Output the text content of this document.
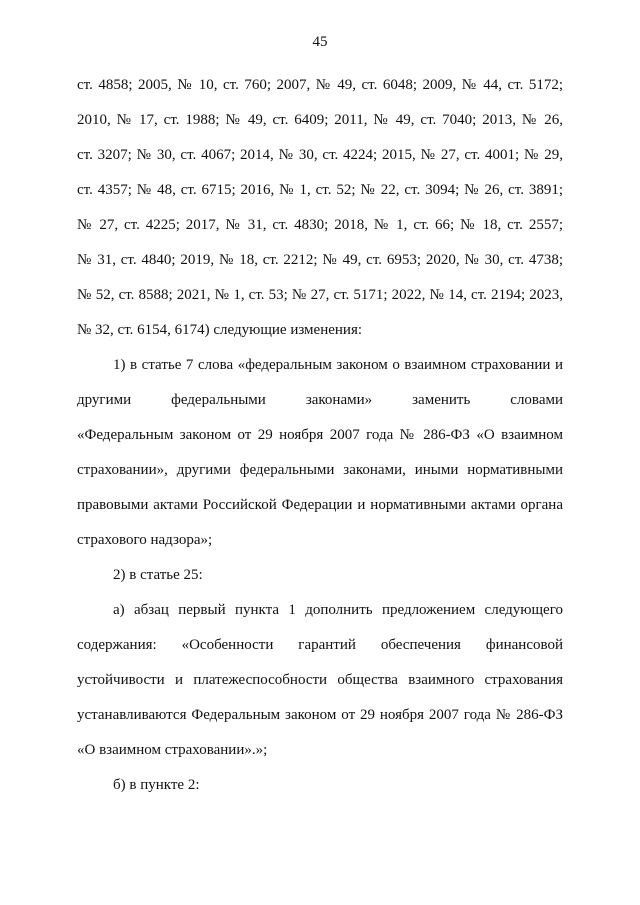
45
ст. 4858; 2005, № 10, ст. 760; 2007, № 49, ст. 6048; 2009, № 44, ст. 5172;
2010, № 17, ст. 1988; № 49, ст. 6409; 2011, № 49, ст. 7040; 2013, № 26,
ст. 3207; № 30, ст. 4067; 2014, № 30, ст. 4224; 2015, № 27, ст. 4001; № 29,
ст. 4357; № 48, ст. 6715; 2016, № 1, ст. 52; № 22, ст. 3094; № 26, ст. 3891;
№ 27, ст. 4225; 2017, № 31, ст. 4830; 2018, № 1, ст. 66; № 18, ст. 2557;
№ 31, ст. 4840; 2019, № 18, ст. 2212; № 49, ст. 6953; 2020, № 30, ст. 4738;
№ 52, ст. 8588; 2021, № 1, ст. 53; № 27, ст. 5171; 2022, № 14, ст. 2194; 2023,
№ 32, ст. 6154, 6174) следующие изменения:
1) в статье 7 слова «федеральным законом о взаимном страховании и
другими федеральными законами» заменить словами
«Федеральным законом от 29 ноября 2007 года № 286-ФЗ «О взаимном
страховании», другими федеральными законами, иными нормативными
правовыми актами Российской Федерации и нормативными актами органа
страхового надзора»;
2) в статье 25:
а) абзац первый пункта 1 дополнить предложением следующего
содержания: «Особенности гарантий обеспечения финансовой
устойчивости и платежеспособности общества взаимного страхования
устанавливаются Федеральным законом от 29 ноября 2007 года № 286-ФЗ
«О взаимном страховании».»;
б) в пункте 2:
